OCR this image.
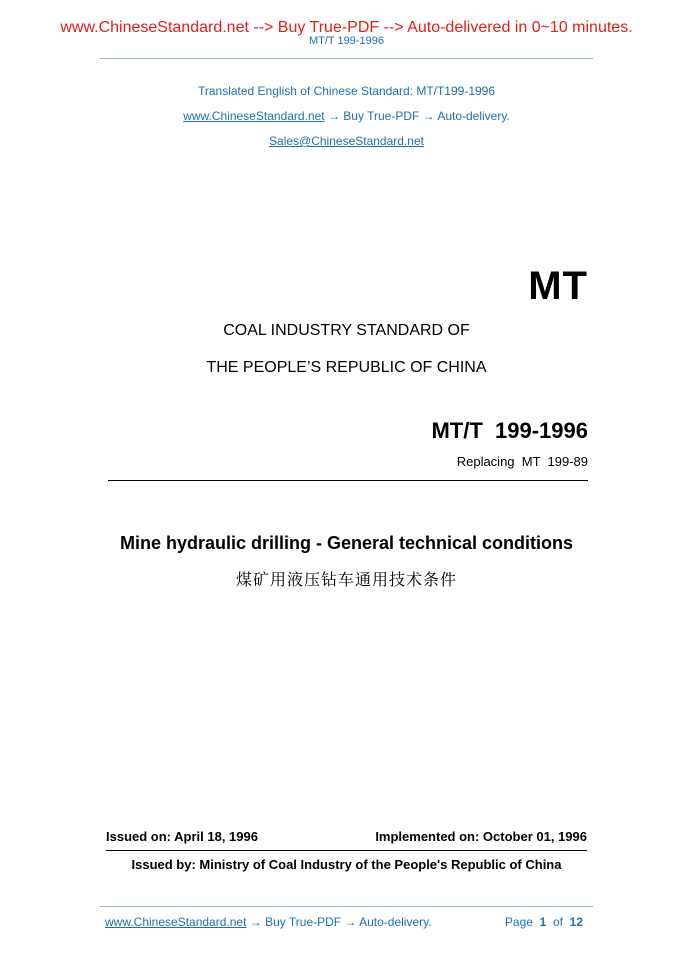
www.ChineseStandard.net --> Buy True-PDF --> Auto-delivered in 0~10 minutes.
MT/T 199-1996
Translated English of Chinese Standard: MT/T199-1996
www.ChineseStandard.net → Buy True-PDF → Auto-delivery.
Sales@ChineseStandard.net
MT
COAL INDUSTRY STANDARD OF
THE PEOPLE’S REPUBLIC OF CHINA
MT/T  199-1996
Replacing  MT  199-89
Mine hydraulic drilling - General technical conditions
煤矿用液压钻车通用技术条件
Issued on: April 18, 1996	Implemented on: October 01, 1996
Issued by: Ministry of Coal Industry of the People's Republic of China
www.ChineseStandard.net → Buy True-PDF → Auto-delivery.	Page 1 of 12
